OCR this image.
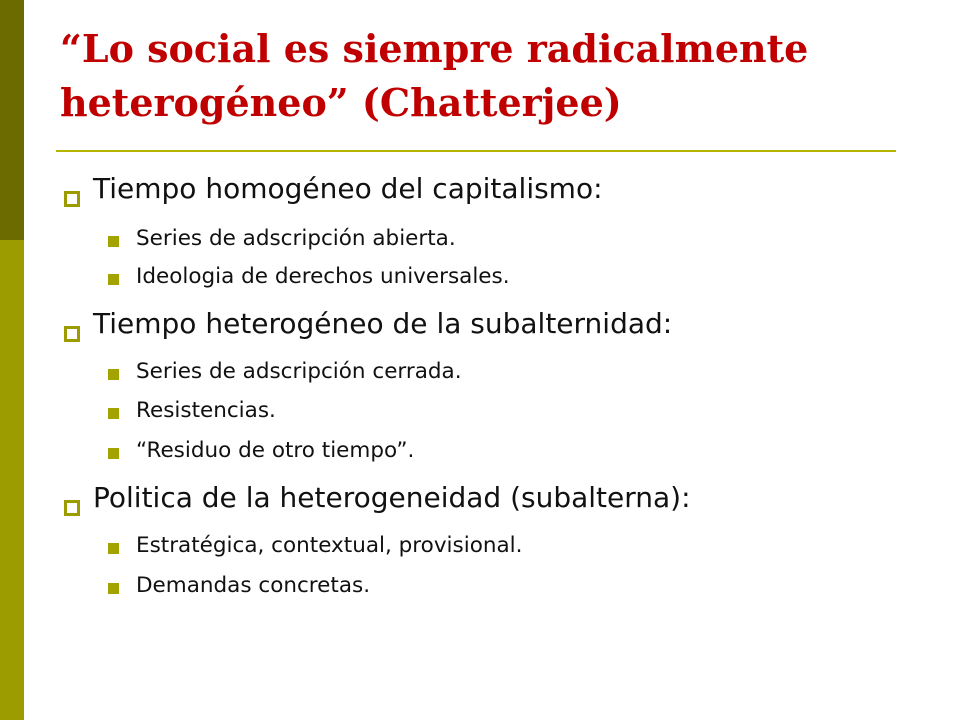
“Lo social es siempre radicalmente
heterogéneo” (Chatterjee)
Tiempo homogéneo del capitalismo:
Series de adscripción abierta.
Ideologia de derechos universales.
Tiempo heterogéneo de la subalternidad:
Series de adscripción cerrada.
Resistencias.
“Residuo de otro tiempo”.
Politica de la heterogeneidad (subalterna):
Estratégica, contextual, provisional.
Demandas concretas.
